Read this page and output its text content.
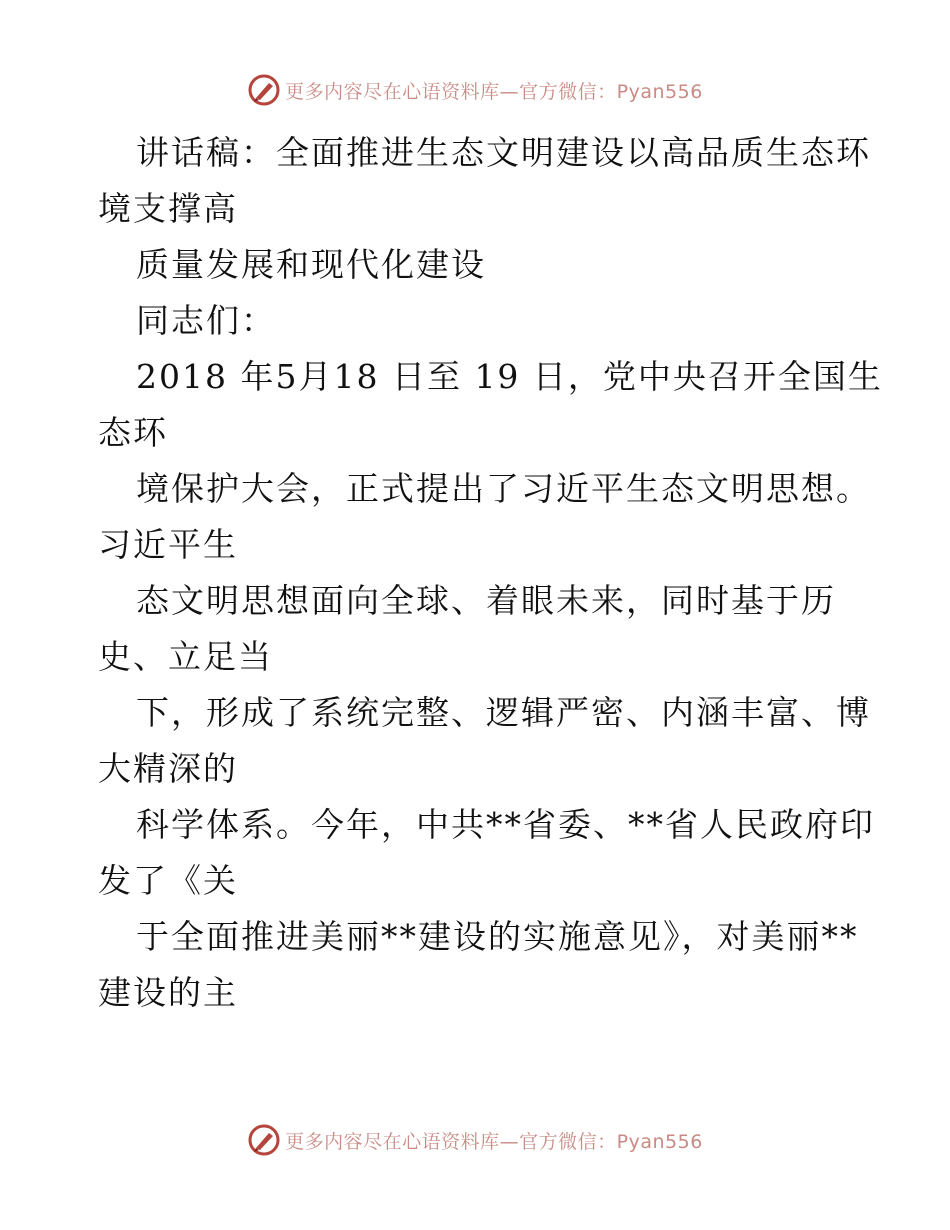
更多内容尽在心语资料库—官方微信：Pyan556
讲话稿：全面推进生态文明建设以高品质生态环
境支撑高
质量发展和现代化建设
同志们：
2018 年5月18 日至 19 日，党中央召开全国生
态环
境保护大会，正式提出了习近平生态文明思想。
习近平生
态文明思想面向全球、着眼未来，同时基于历
史、立足当
下，形成了系统完整、逻辑严密、内涵丰富、博
大精深的
科学体系。今年，中共**省委、**省人民政府印
发了《关
于全面推进美丽**建设的实施意见》，对美丽**
建设的主
更多内容尽在心语资料库—官方微信：Pyan556
